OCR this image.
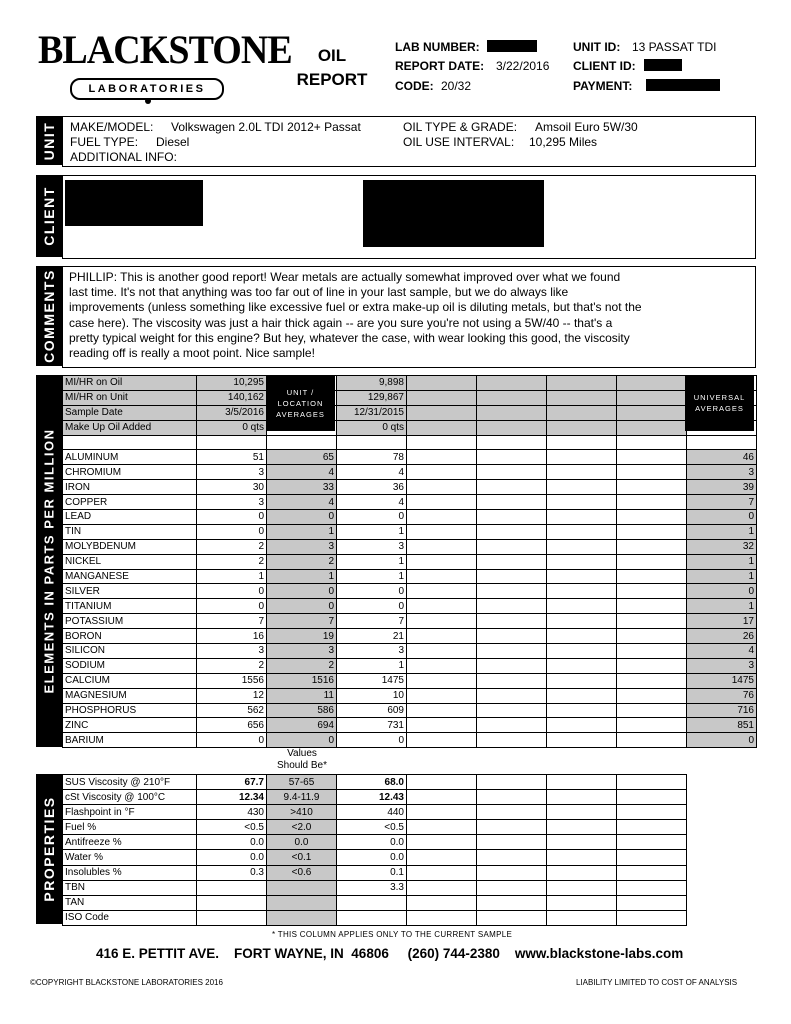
BLACKSTONE
LABORATORIES
OIL
REPORT
LAB NUMBER:
REPORT DATE: 3/22/2016
CODE: 20/32
UNIT ID: 13 PASSAT TDI
CLIENT ID:
PAYMENT:
UNIT MAKE/MODEL: Volkswagen 2.0L TDI 2012+ Passat
FUEL TYPE: Diesel
ADDITIONAL INFO:
OIL TYPE & GRADE: Amsoil Euro 5W/30
OIL USE INTERVAL: 10,295 Miles
CLIENT
COMMENTS PHILLIP: This is another good report! Wear metals are actually somewhat improved over what we found
last time. It's not that anything was too far out of line in your last sample, but we do always like
improvements (unless something like excessive fuel or extra make-up oil is diluting metals, but that's not the
case here). The viscosity was just a hair thick again -- are you sure you're not using a 5W/40 -- that's a
pretty typical weight for this engine? But hey, whatever the case, with wear looking this good, the viscosity
reading off is really a moot point. Nice sample!
ELEMENTS IN PARTS PER MILLION
MI/HR on Oil	10,295		9,898					
MI/HR on Unit	140,162		129,867					
Sample Date	3/5/2016		12/31/2015					
Make Up Oil Added	0 qts		0 qts					

ALUMINUM	51	65	78					46
CHROMIUM	3	4	4					3
IRON	30	33	36					39
COPPER	3	4	4					7
LEAD	0	0	0					0
TIN	0	1	1					1
MOLYBDENUM	2	3	3					32
NICKEL	2	2	1					1
MANGANESE	1	1	1					1
SILVER	0	0	0					0
TITANIUM	0	0	0					1
POTASSIUM	7	7	7					17
BORON	16	19	21					26
SILICON	3	3	3					4
SODIUM	2	2	1					3
CALCIUM	1556	1516	1475					1475
MAGNESIUM	12	11	10					76
PHOSPHORUS	562	586	609					716
ZINC	656	694	731					851
BARIUM	0	0	0					0
UNIT / LOCATION AVERAGES
UNIVERSAL AVERAGES
Values
Should Be*
PROPERTIES
SUS Viscosity @ 210°F	67.7	57-65	68.0				
cSt Viscosity @ 100°C	12.34	9.4-11.9	12.43				
Flashpoint in °F	430	>410	440				
Fuel %	<0.5	<2.0	<0.5				
Antifreeze %	0.0	0.0	0.0				
Water %	0.0	<0.1	0.0				
Insolubles %	0.3	<0.6	0.1				
TBN			3.3				
TAN							
ISO Code							
* THIS COLUMN APPLIES ONLY TO THE CURRENT SAMPLE
416 E. PETTIT AVE.    FORT WAYNE, IN  46806     (260) 744-2380    www.blackstone-labs.com
©COPYRIGHT BLACKSTONE LABORATORIES 2016	LIABILITY LIMITED TO COST OF ANALYSIS
